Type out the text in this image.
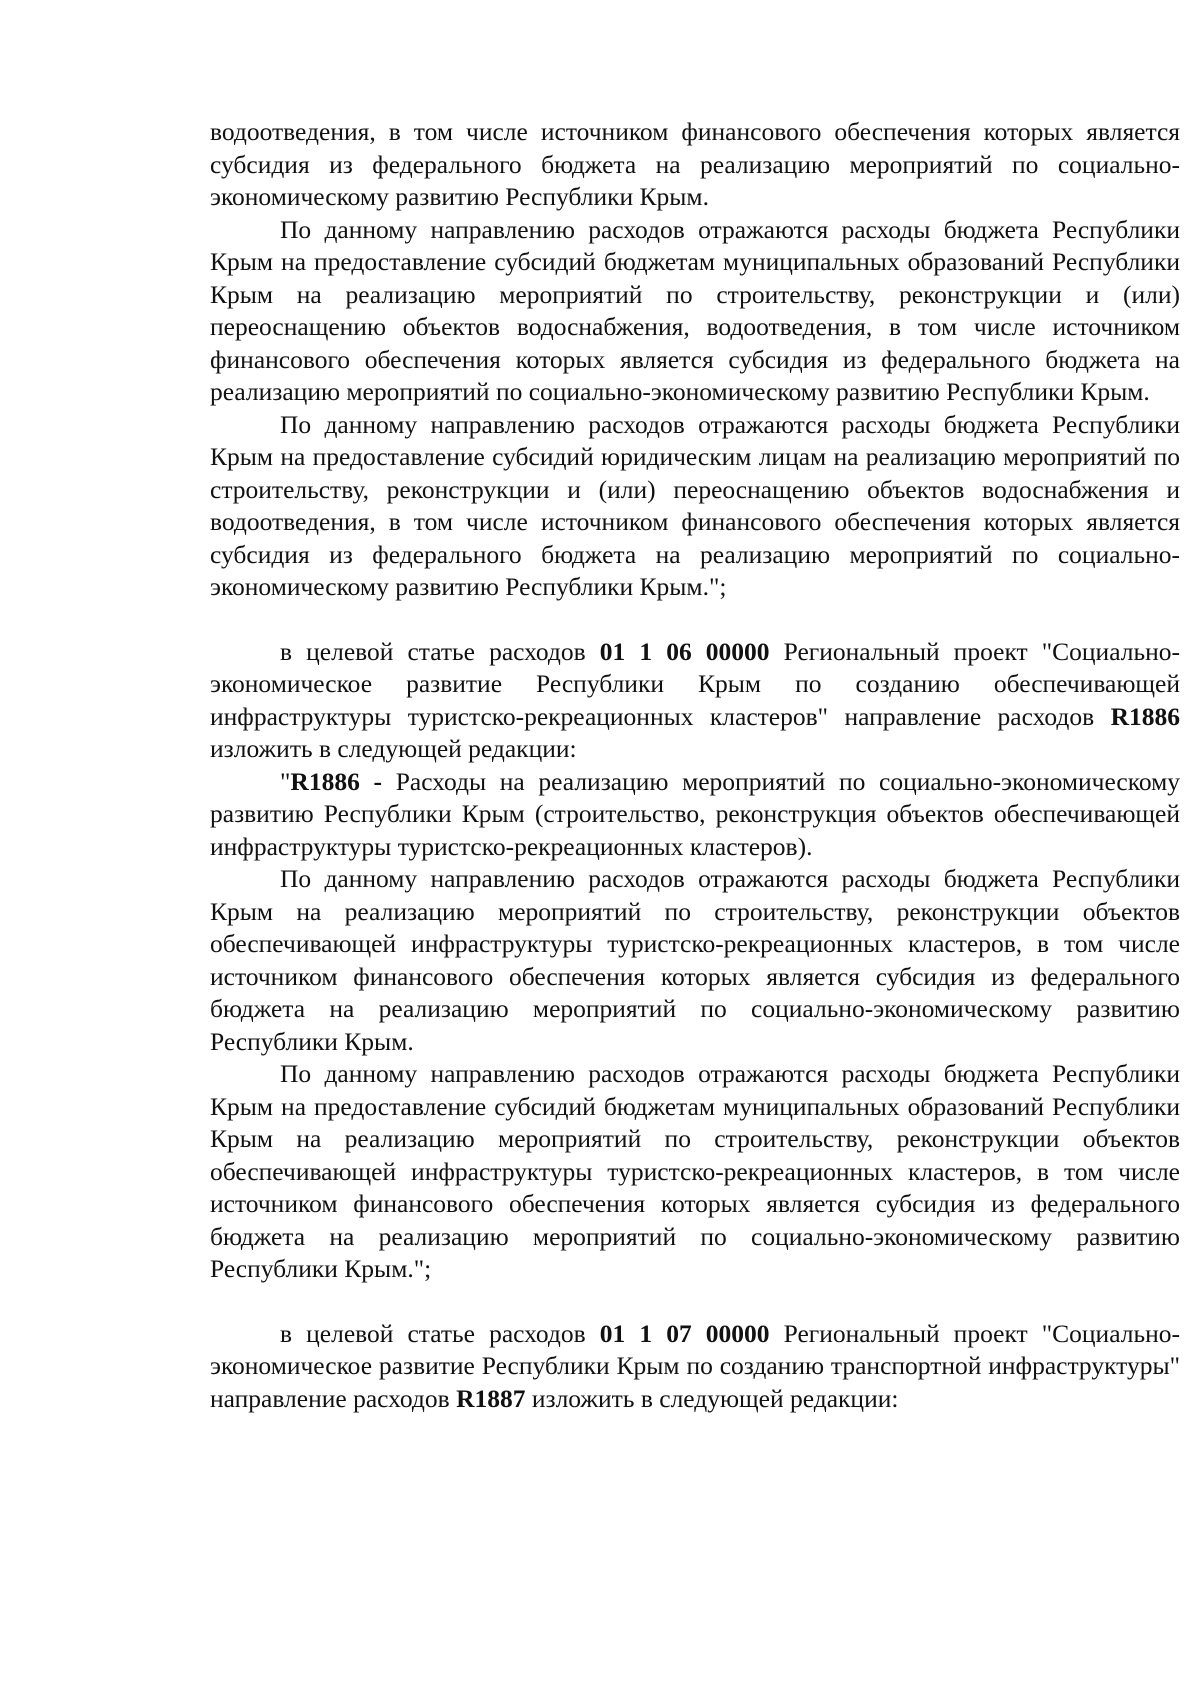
водоотведения, в том числе источником финансового обеспечения которых является субсидия из федерального бюджета на реализацию мероприятий по социально-экономическому развитию Республики Крым.

По данному направлению расходов отражаются расходы бюджета Республики Крым на предоставление субсидий бюджетам муниципальных образований Республики Крым на реализацию мероприятий по строительству, реконструкции и (или) переоснащению объектов водоснабжения, водоотведения, в том числе источником финансового обеспечения которых является субсидия из федерального бюджета на реализацию мероприятий по социально-экономическому развитию Республики Крым.

По данному направлению расходов отражаются расходы бюджета Республики Крым на предоставление субсидий юридическим лицам на реализацию мероприятий по строительству, реконструкции и (или) переоснащению объектов водоснабжения и водоотведения, в том числе источником финансового обеспечения которых является субсидия из федерального бюджета на реализацию мероприятий по социально-экономическому развитию Республики Крым.";

в целевой статье расходов 01 1 06 00000 Региональный проект "Социально-экономическое развитие Республики Крым по созданию обеспечивающей инфраструктуры туристско-рекреационных кластеров" направление расходов R1886 изложить в следующей редакции:

"R1886 - Расходы на реализацию мероприятий по социально-экономическому развитию Республики Крым (строительство, реконструкция объектов обеспечивающей инфраструктуры туристско-рекреационных кластеров).

По данному направлению расходов отражаются расходы бюджета Республики Крым на реализацию мероприятий по строительству, реконструкции объектов обеспечивающей инфраструктуры туристско-рекреационных кластеров, в том числе источником финансового обеспечения которых является субсидия из федерального бюджета на реализацию мероприятий по социально-экономическому развитию Республики Крым.

По данному направлению расходов отражаются расходы бюджета Республики Крым на предоставление субсидий бюджетам муниципальных образований Республики Крым на реализацию мероприятий по строительству, реконструкции объектов обеспечивающей инфраструктуры туристско-рекреационных кластеров, в том числе источником финансового обеспечения которых является субсидия из федерального бюджета на реализацию мероприятий по социально-экономическому развитию Республики Крым.";

в целевой статье расходов 01 1 07 00000 Региональный проект "Социально-экономическое развитие Республики Крым по созданию транспортной инфраструктуры" направление расходов R1887 изложить в следующей редакции:
